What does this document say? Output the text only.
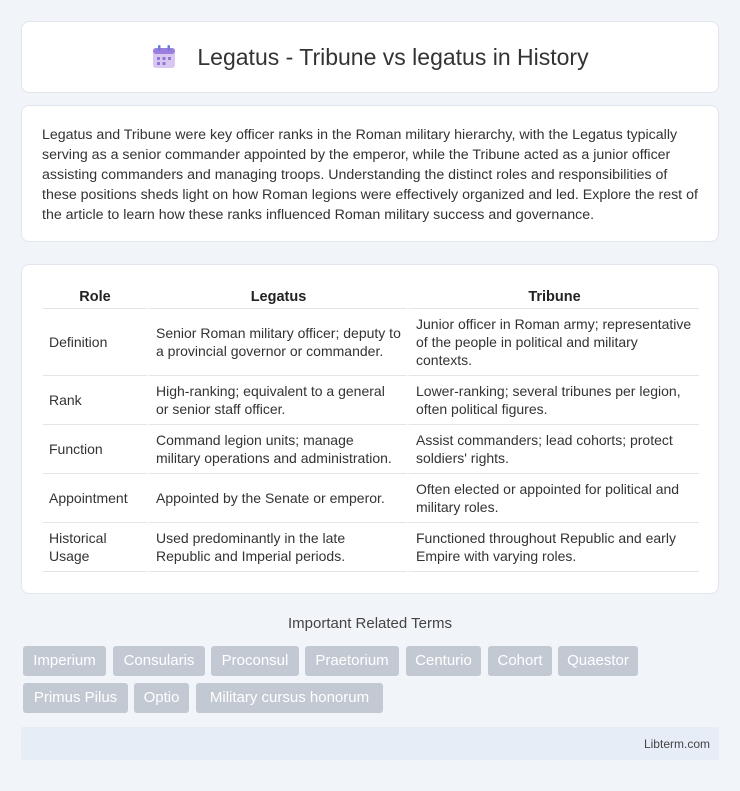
Legatus - Tribune vs legatus in History

Legatus and Tribune were key officer ranks in the Roman military hierarchy, with the Legatus typically serving as a senior commander appointed by the emperor, while the Tribune acted as a junior officer assisting commanders and managing troops. Understanding the distinct roles and responsibilities of these positions sheds light on how Roman legions were effectively organized and led. Explore the rest of the article to learn how these ranks influenced Roman military success and governance.

Role	Legatus	Tribune
Definition	Senior Roman military officer; deputy to a provincial governor or commander.	Junior officer in Roman army; representative of the people in political and military contexts.
Rank	High-ranking; equivalent to a general or senior staff officer.	Lower-ranking; several tribunes per legion, often political figures.
Function	Command legion units; manage military operations and administration.	Assist commanders; lead cohorts; protect soldiers' rights.
Appointment	Appointed by the Senate or emperor.	Often elected or appointed for political and military roles.
Historical Usage	Used predominantly in the late Republic and Imperial periods.	Functioned throughout Republic and early Empire with varying roles.
Important Related Terms
Imperium	Consularis	Proconsul	Praetorium	Centurio	Cohort	Quaestor
Primus Pilus	Optio	Military cursus honorum
Libterm.com
